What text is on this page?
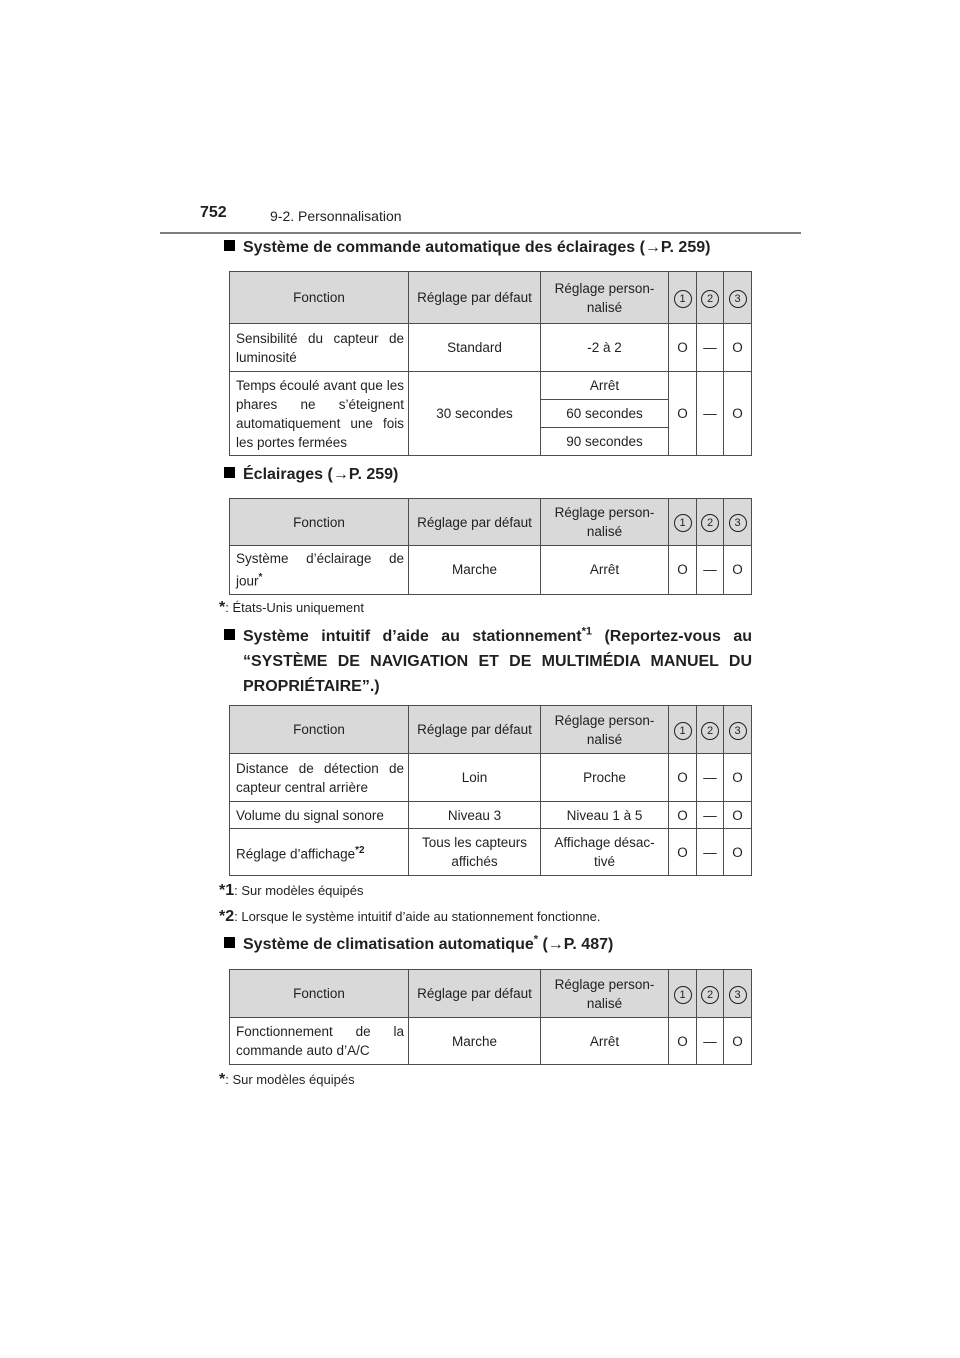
752	9-2. Personnalisation
Système de commande automatique des éclairages (→P. 259)
Fonction	Réglage par défaut	Réglage person-
nalisé	1	2	3
Sensibilité du capteur de luminosité	Standard	-2 à 2	O	—	O
Temps écoulé avant que les phares ne s’éteignent automatiquement une fois les portes fermées	30 secondes	Arrêt	O	—	O
		60 secondes			
		90 secondes			
Éclairages (→P. 259)
Fonction	Réglage par défaut	Réglage person-
nalisé	1	2	3
Système d’éclairage de jour*	Marche	Arrêt	O	—	O
*: États-Unis uniquement
Système intuitif d’aide au stationnement$^{*1}$ (Reportez-vous au
“SYSTÈME DE NAVIGATION ET DE MULTIMÉDIA MANUEL DU
PROPRIÉTAIRE”.)
Fonction	Réglage par défaut	Réglage person-
nalisé	1	2	3
Distance de détection de capteur central arrière	Loin	Proche	O	—	O
Volume du signal sonore	Niveau 3	Niveau 1 à 5	O	—	O
Réglage d’affichage$^{*2}$	Tous les capteurs affichés	Affichage désac-
tivé	O	—	O
*1: Sur modèles équipés
*2: Lorsque le système intuitif d’aide au stationnement fonctionne.
Système de climatisation automatique* (→P. 487)
Fonction	Réglage par défaut	Réglage person-
nalisé	1	2	3
Fonctionnement de la commande auto d’A/C	Marche	Arrêt	O	—	O
*: Sur modèles équipés
